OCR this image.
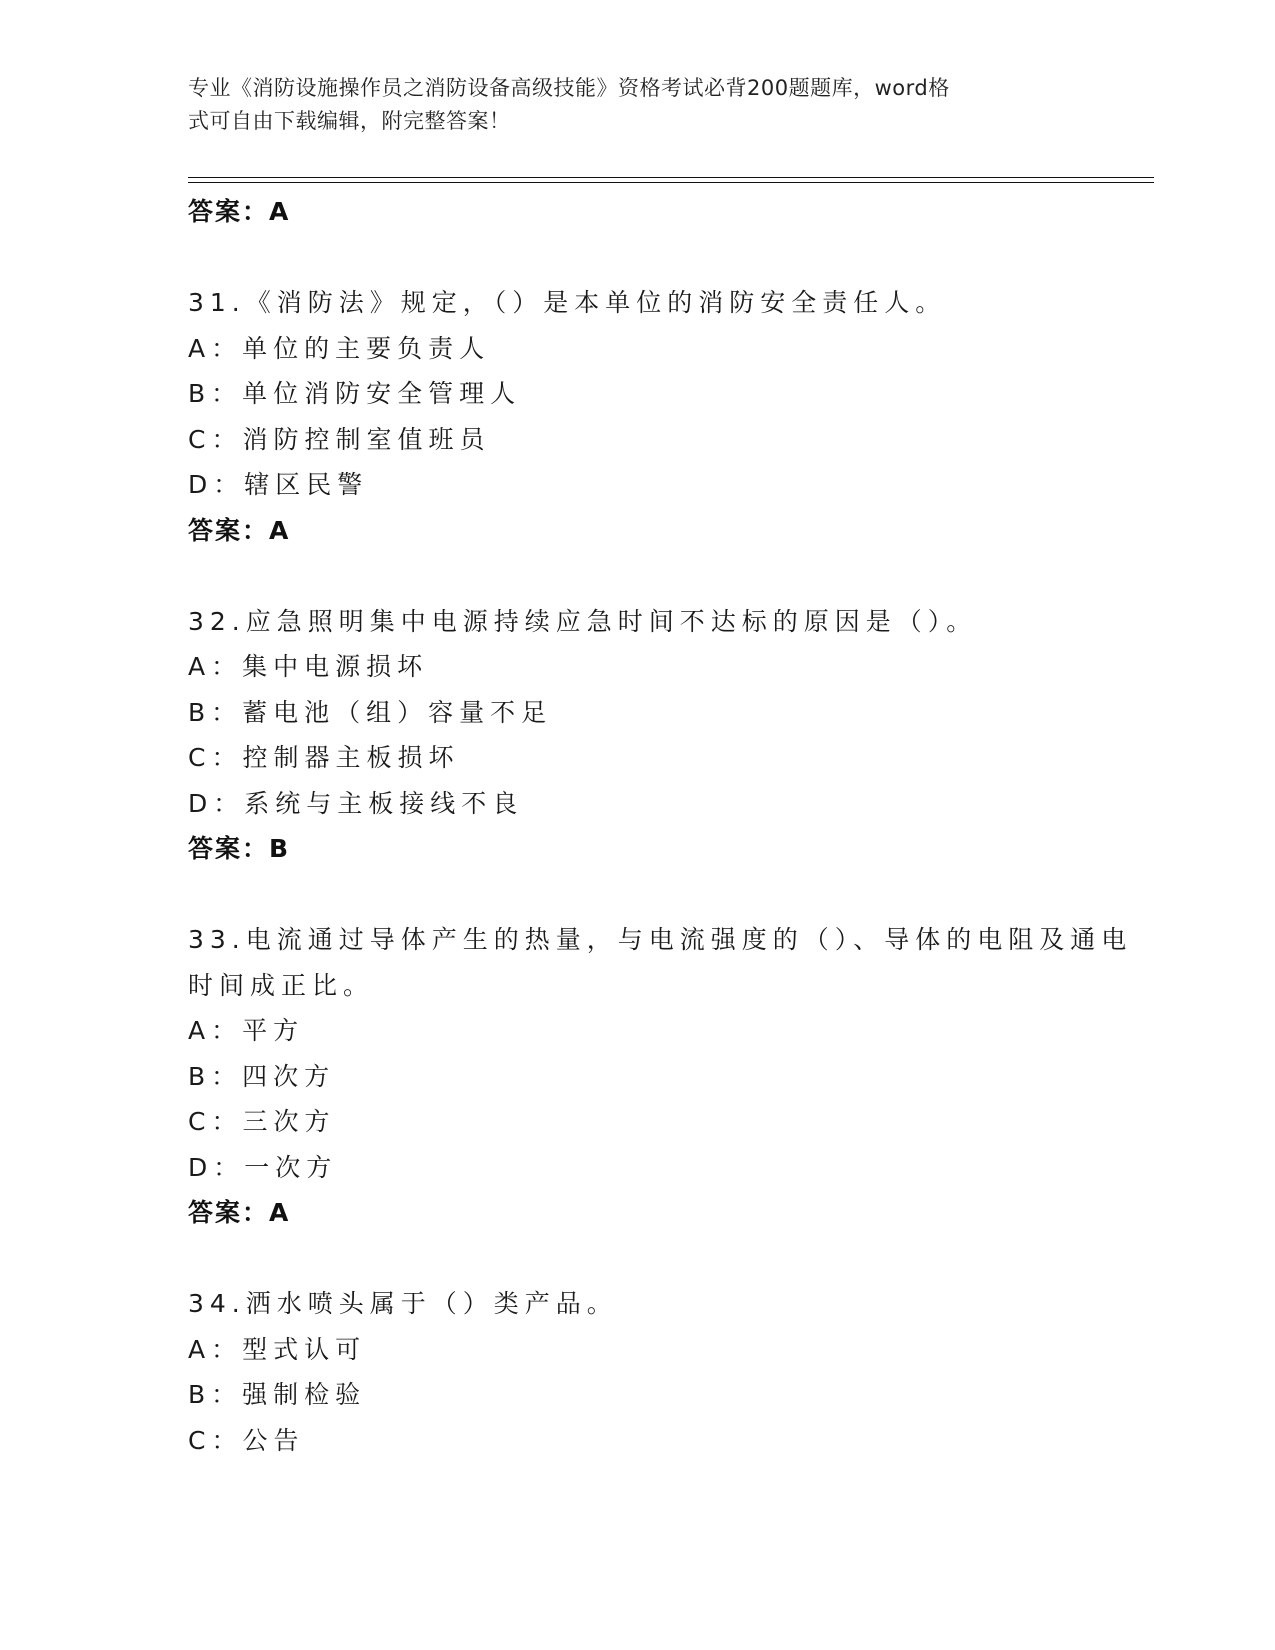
专业《消防设施操作员之消防设备高级技能》资格考试必背200题题库，word格
式可自由下载编辑，附完整答案！
答案：A
31.《消防法》规定，（）是本单位的消防安全责任人。
A：单位的主要负责人
B：单位消防安全管理人
C：消防控制室值班员
D：辖区民警
答案：A
32.应急照明集中电源持续应急时间不达标的原因是（）。
A：集中电源损坏
B：蓄电池（组）容量不足
C：控制器主板损坏
D：系统与主板接线不良
答案：B
33.电流通过导体产生的热量，与电流强度的（）、导体的电阻及通电
时间成正比。
A：平方
B：四次方
C：三次方
D：一次方
答案：A
34.洒水喷头属于（）类产品。
A：型式认可
B：强制检验
C：公告
